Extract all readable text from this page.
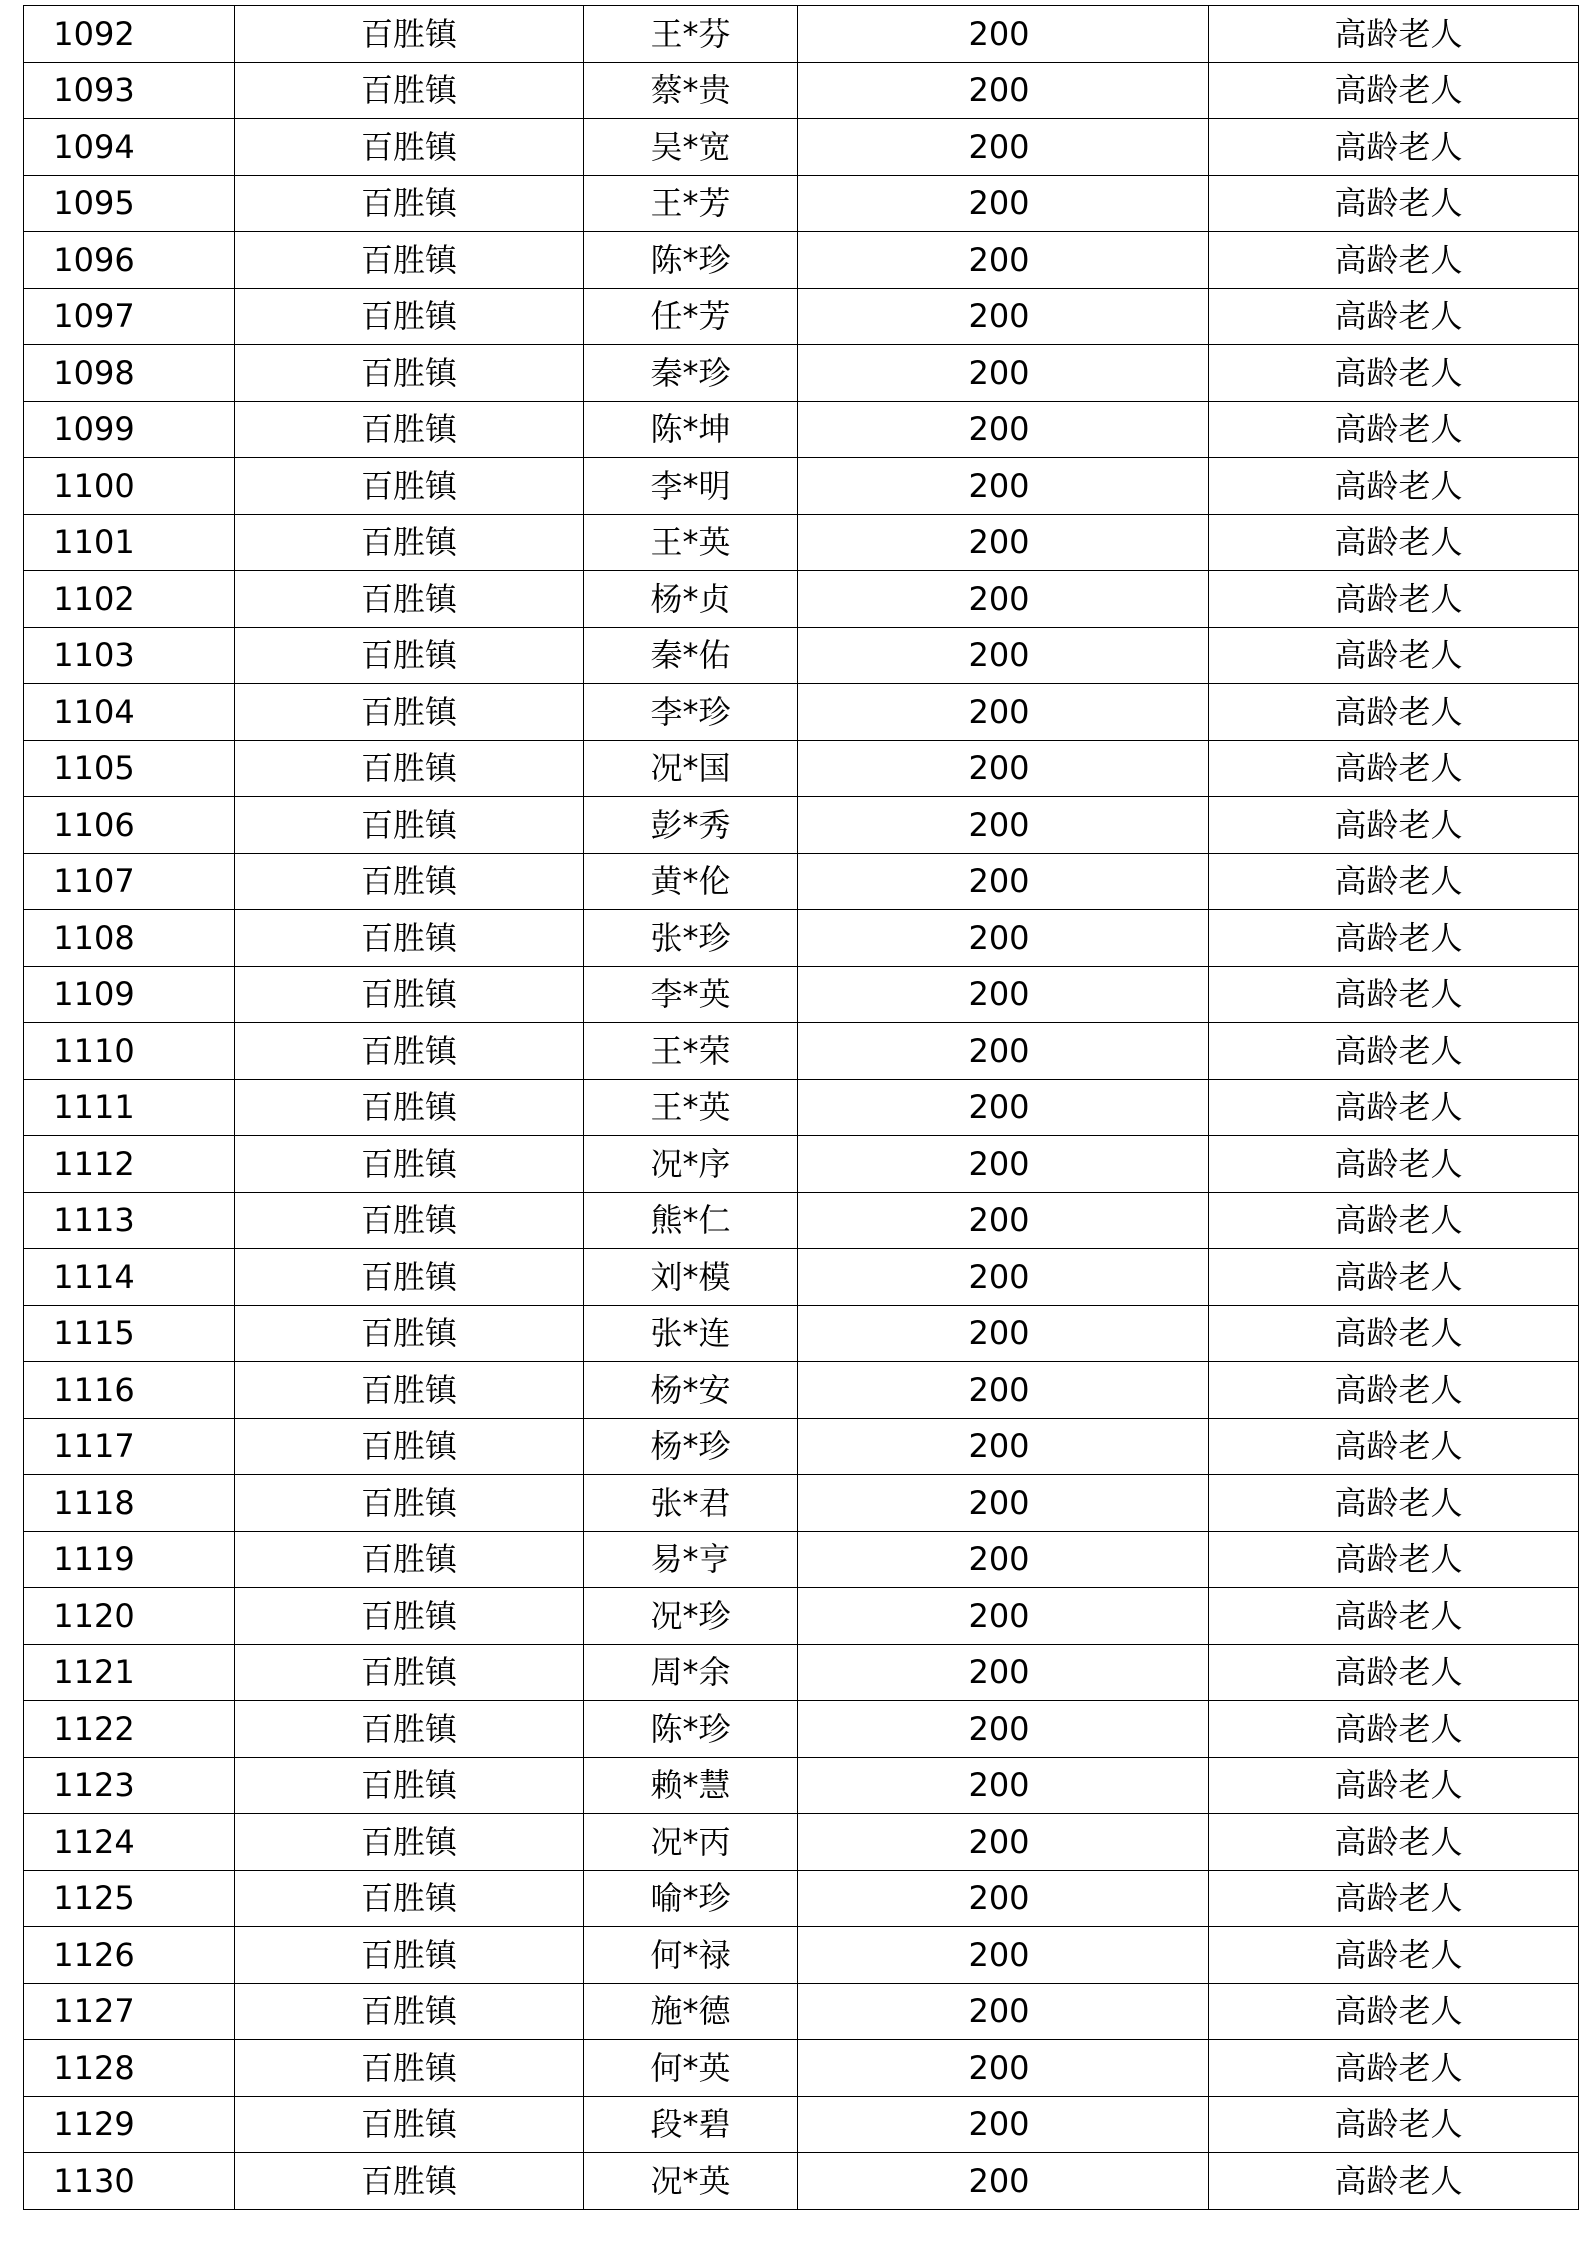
1092	百胜镇	王*芬	200	高龄老人
1093	百胜镇	蔡*贵	200	高龄老人
1094	百胜镇	吴*宽	200	高龄老人
1095	百胜镇	王*芳	200	高龄老人
1096	百胜镇	陈*珍	200	高龄老人
1097	百胜镇	任*芳	200	高龄老人
1098	百胜镇	秦*珍	200	高龄老人
1099	百胜镇	陈*坤	200	高龄老人
1100	百胜镇	李*明	200	高龄老人
1101	百胜镇	王*英	200	高龄老人
1102	百胜镇	杨*贞	200	高龄老人
1103	百胜镇	秦*佑	200	高龄老人
1104	百胜镇	李*珍	200	高龄老人
1105	百胜镇	况*国	200	高龄老人
1106	百胜镇	彭*秀	200	高龄老人
1107	百胜镇	黄*伦	200	高龄老人
1108	百胜镇	张*珍	200	高龄老人
1109	百胜镇	李*英	200	高龄老人
1110	百胜镇	王*荣	200	高龄老人
1111	百胜镇	王*英	200	高龄老人
1112	百胜镇	况*序	200	高龄老人
1113	百胜镇	熊*仁	200	高龄老人
1114	百胜镇	刘*模	200	高龄老人
1115	百胜镇	张*连	200	高龄老人
1116	百胜镇	杨*安	200	高龄老人
1117	百胜镇	杨*珍	200	高龄老人
1118	百胜镇	张*君	200	高龄老人
1119	百胜镇	易*亨	200	高龄老人
1120	百胜镇	况*珍	200	高龄老人
1121	百胜镇	周*余	200	高龄老人
1122	百胜镇	陈*珍	200	高龄老人
1123	百胜镇	赖*慧	200	高龄老人
1124	百胜镇	况*丙	200	高龄老人
1125	百胜镇	喻*珍	200	高龄老人
1126	百胜镇	何*禄	200	高龄老人
1127	百胜镇	施*德	200	高龄老人
1128	百胜镇	何*英	200	高龄老人
1129	百胜镇	段*碧	200	高龄老人
1130	百胜镇	况*英	200	高龄老人
